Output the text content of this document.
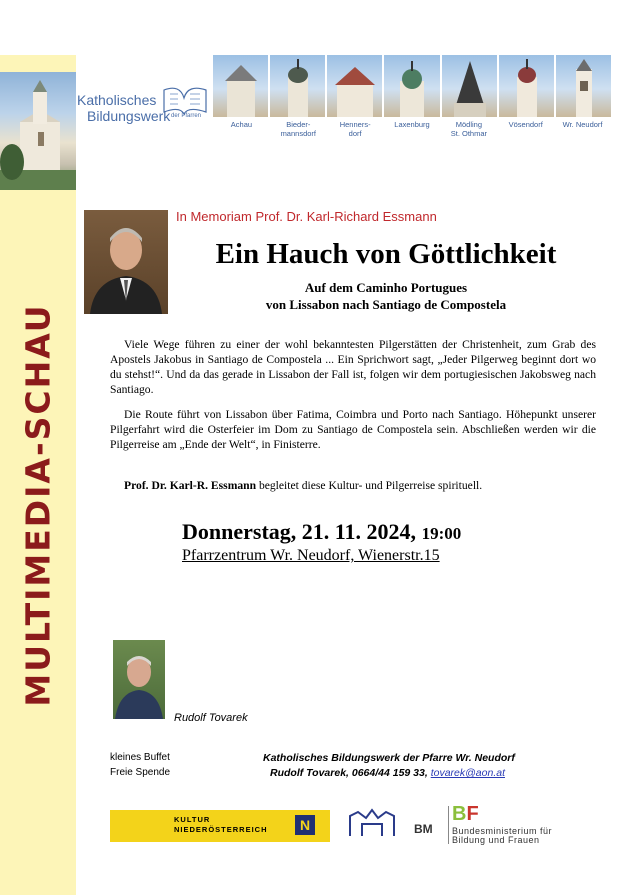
MULTIMEDIA-SCHAU
Katholisches
Bildungswerk der Pfarren
Achau	Bieder-
mannsdorf
Henners-
dorf
Laxenburg	Mödling
St. Othmar
Vösendorf	Wr. Neudorf
In Memoriam Prof. Dr. Karl-Richard Essmann
Ein Hauch von Göttlichkeit
Auf dem Caminho Portugues
von Lissabon nach Santiago de Compostela
Viele Wege führen zu einer der wohl bekanntesten Pilgerstätten der Christenheit, zum Grab des Apostels Jakobus in Santiago de Compostela ... Ein Sprichwort sagt, „Jeder Pilgerweg beginnt dort wo du stehst!“. Und da das gerade in Lissabon der Fall ist, folgen wir dem portugiesischen Jakobsweg nach Santiago.
Die Route führt von Lissabon über Fatima, Coimbra und Porto nach Santiago. Höhepunkt unserer Pilgerfahrt wird die Osterfeier im Dom zu Santiago de Compostela sein. Abschließen werden wir die Pilgerreise am „Ende der Welt“, in Finisterre.
Prof. Dr. Karl-R. Essmann begleitet diese Kultur- und Pilgerreise spirituell.
Donnerstag, 21. 11. 2024, 19:00
Pfarrzentrum Wr. Neudorf, Wienerstr.15
Rudolf Tovarek
kleines Buffet
Freie Spende
Katholisches Bildungswerk der Pfarre Wr. Neudorf
Rudolf Tovarek, 0664/44 159 33, tovarek@aon.at
KULTUR
NIEDERÖSTERREICH	N	BM
BF
Bundesministerium für
Bildung und Frauen
